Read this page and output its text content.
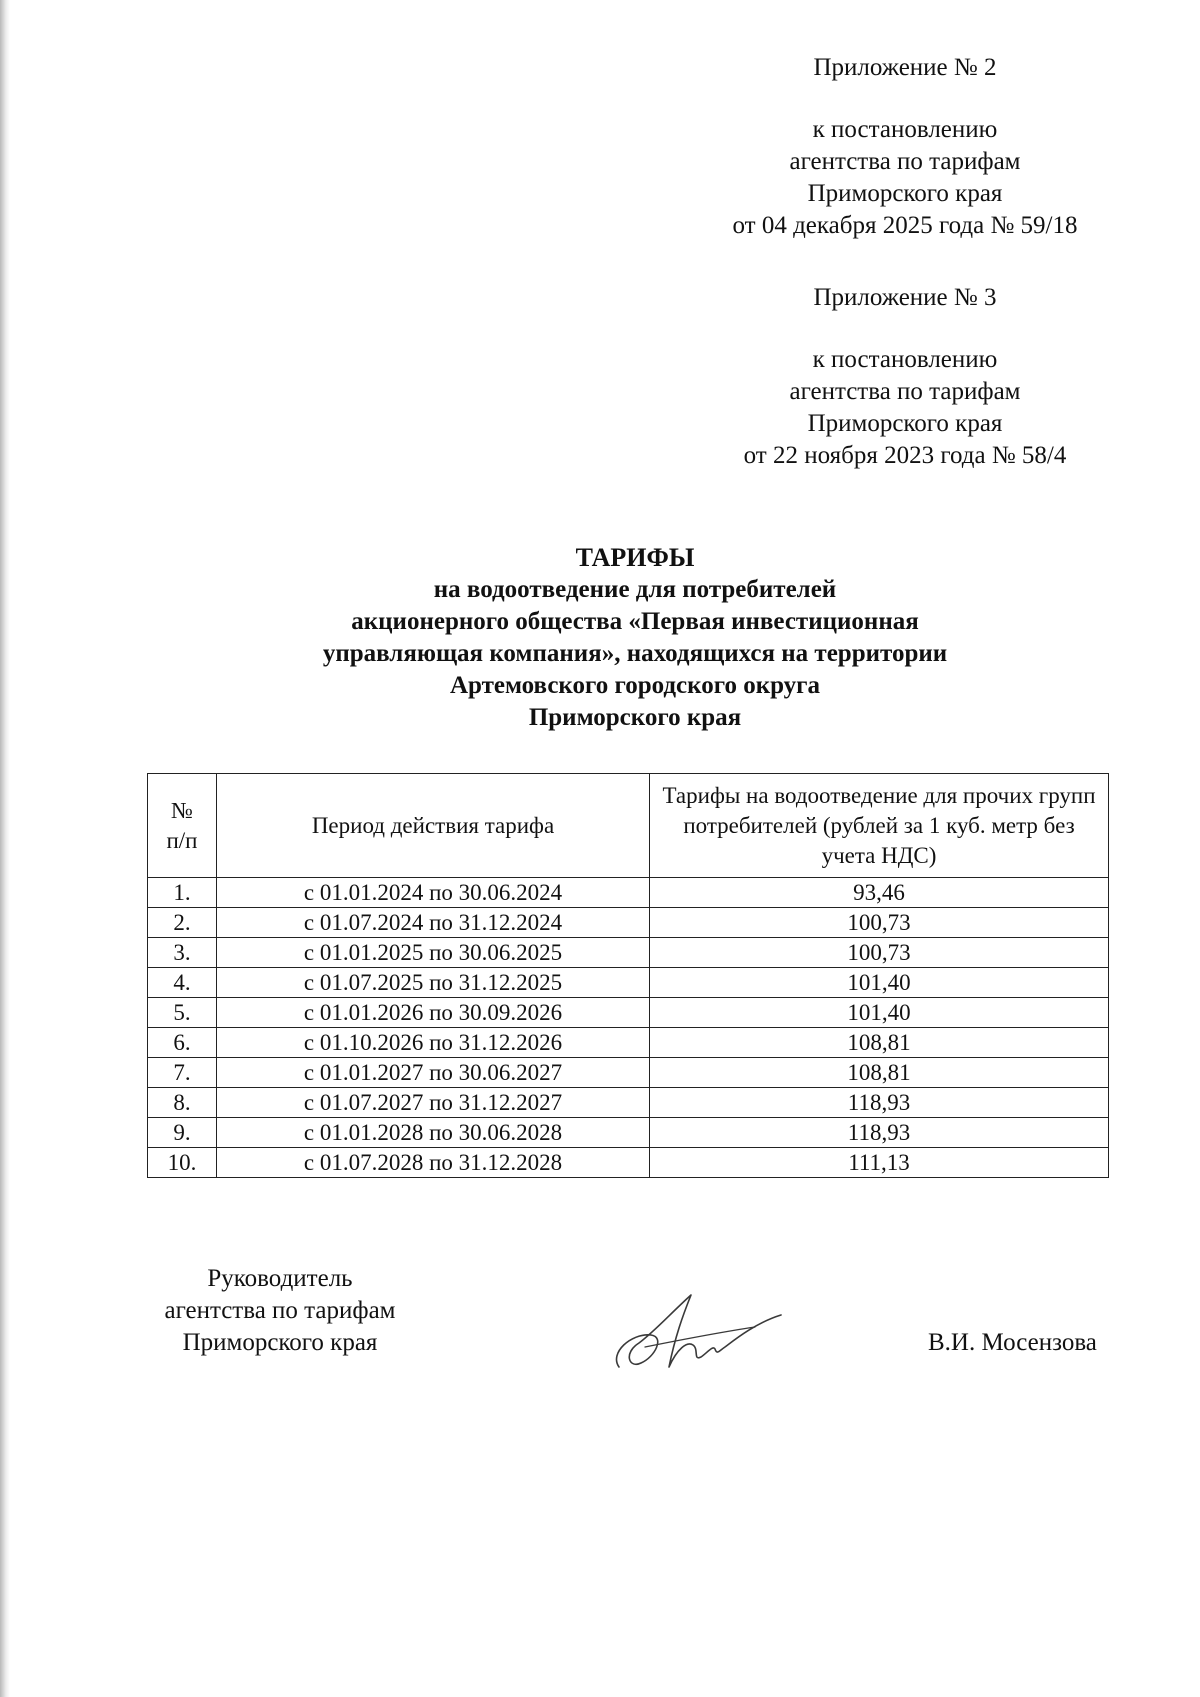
Приложение № 2
к постановлению
агентства по тарифам
Приморского края
от 04 декабря 2025 года № 59/18
Приложение № 3
к постановлению
агентства по тарифам
Приморского края
от 22 ноября 2023 года № 58/4
ТАРИФЫ
на водоотведение для потребителей
акционерного общества «Первая инвестиционная
управляющая компания», находящихся на территории
Артемовского городского округа
Приморского края
№
п/п	Период действия тарифа	Тарифы на водоотведение для прочих групп потребителей (рублей за 1 куб. метр без учета НДС)
1.	с 01.01.2024 по 30.06.2024	93,46
2.	с 01.07.2024 по 31.12.2024	100,73
3.	с 01.01.2025 по 30.06.2025	100,73
4.	с 01.07.2025 по 31.12.2025	101,40
5.	с 01.01.2026 по 30.09.2026	101,40
6.	с 01.10.2026 по 31.12.2026	108,81
7.	с 01.01.2027 по 30.06.2027	108,81
8.	с 01.07.2027 по 31.12.2027	118,93
9.	с 01.01.2028 по 30.06.2028	118,93
10.	с 01.07.2028 по 31.12.2028	111,13
Руководитель
агентства по тарифам
Приморского края	В.И. Мосензова
